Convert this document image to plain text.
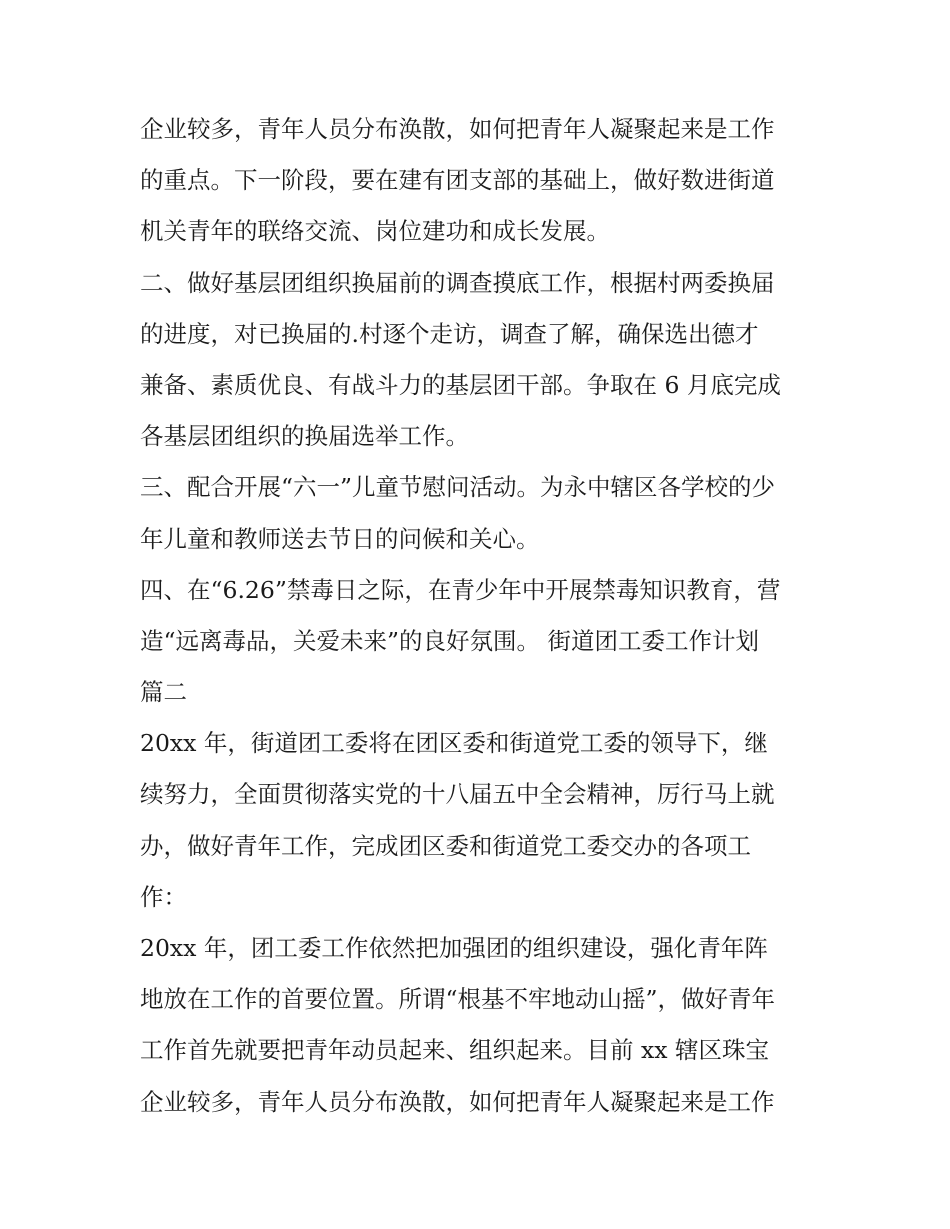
企业较多，青年人员分布涣散，如何把青年人凝聚起来是工作
的重点。下一阶段，要在建有团支部的基础上，做好数进街道
机关青年的联络交流、岗位建功和成长发展。
二、做好基层团组织换届前的调查摸底工作，根据村两委换届
的进度，对已换届的.村逐个走访，调查了解，确保选出德才
兼备、素质优良、有战斗力的基层团干部。争取在 6 月底完成
各基层团组织的换届选举工作。
三、配合开展“六一”儿童节慰问活动。为永中辖区各学校的少
年儿童和教师送去节日的问候和关心。
四、在“6.26”禁毒日之际，在青少年中开展禁毒知识教育，营
造“远离毒品，关爱未来”的良好氛围。 街道团工委工作计划
篇二
20xx 年，街道团工委将在团区委和街道党工委的领导下，继
续努力，全面贯彻落实党的十八届五中全会精神，厉行马上就
办，做好青年工作，完成团区委和街道党工委交办的各项工
作：
20xx 年，团工委工作依然把加强团的组织建设，强化青年阵
地放在工作的首要位置。所谓“根基不牢地动山摇”，做好青年
工作首先就要把青年动员起来、组织起来。目前 xx 辖区珠宝
企业较多，青年人员分布涣散，如何把青年人凝聚起来是工作
